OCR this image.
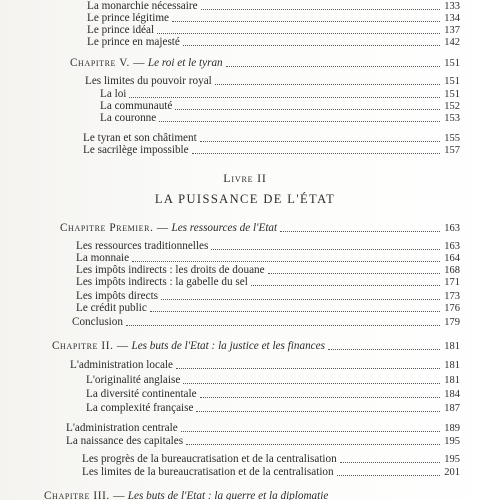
La monarchie nécessaire	133
Le prince légitime	134
Le prince idéal	137
Le prince en majesté	142
Chapitre V. — Le roi et le tyran	151
Les limites du pouvoir royal	151
La loi	151
La communauté	152
La couronne	153
Le tyran et son châtiment	155
Le sacrilège impossible	157
Livre II
LA PUISSANCE DE L'ÉTAT
Chapitre Premier. — Les ressources de l'Etat	163
Les ressources traditionnelles	163
La monnaie	164
Les impôts indirects : les droits de douane	168
Les impôts indirects : la gabelle du sel	171
Les impôts directs	173
Le crédit public	176
Conclusion	179
Chapitre II. — Les buts de l'Etat : la justice et les finances	181
L'administration locale	181
L'originalité anglaise	181
La diversité continentale	184
La complexité française	187
L'administration centrale	189
La naissance des capitales	195
Les progrès de la bureaucratisation et de la centralisation	195
Les limites de la bureaucratisation et de la centralisation	201
Chapitre III. — Les buts de l'Etat : la guerre et la diplomatie
